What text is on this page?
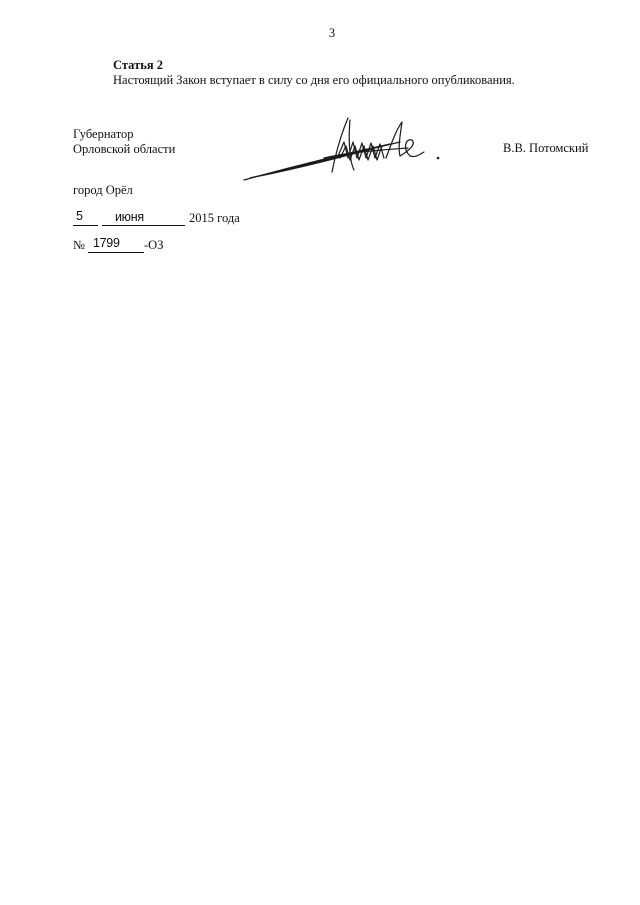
3
Статья 2
Настоящий Закон вступает в силу со дня его официального опубликования.
Губернатор
Орловской области	В.В. Потомский
город Орёл
5	июня	2015 года
№ 1799 -ОЗ
